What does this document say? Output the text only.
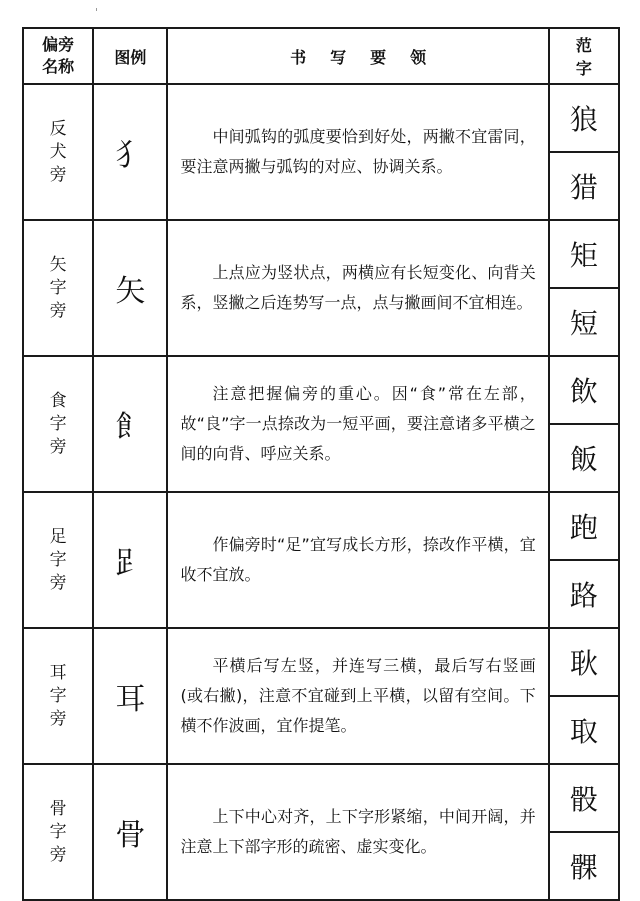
偏旁
名称	图例	书写要领	范字
反犬旁	犭	中间弧钩的弧度要恰到好处，两撇不宜雷同，要注意两撇与弧钩的对应、协调关系。	狼
			猎
矢字旁	矢	上点应为竖状点，两横应有长短变化、向背关系，竖撇之后连势写一点，点与撇画间不宜相连。	矩
			短
食字旁	飠	注意把握偏旁的重心。因“食”常在左部，故“良”字一点捺改为一短平画，要注意诸多平横之间的向背、呼应关系。	飲
			飯
足字旁	𧾷	作偏旁时“足”宜写成长方形，捺改作平横，宜收不宜放。	跑
			路
耳字旁	耳	平横后写左竖，并连写三横，最后写右竖画(或右撇)，注意不宜碰到上平横，以留有空间。下横不作波画，宜作提笔。	耿
			取
骨字旁	骨	上下中心对齐，上下字形紧缩，中间开阔，并注意上下部字形的疏密、虚实变化。	骰
			髁
